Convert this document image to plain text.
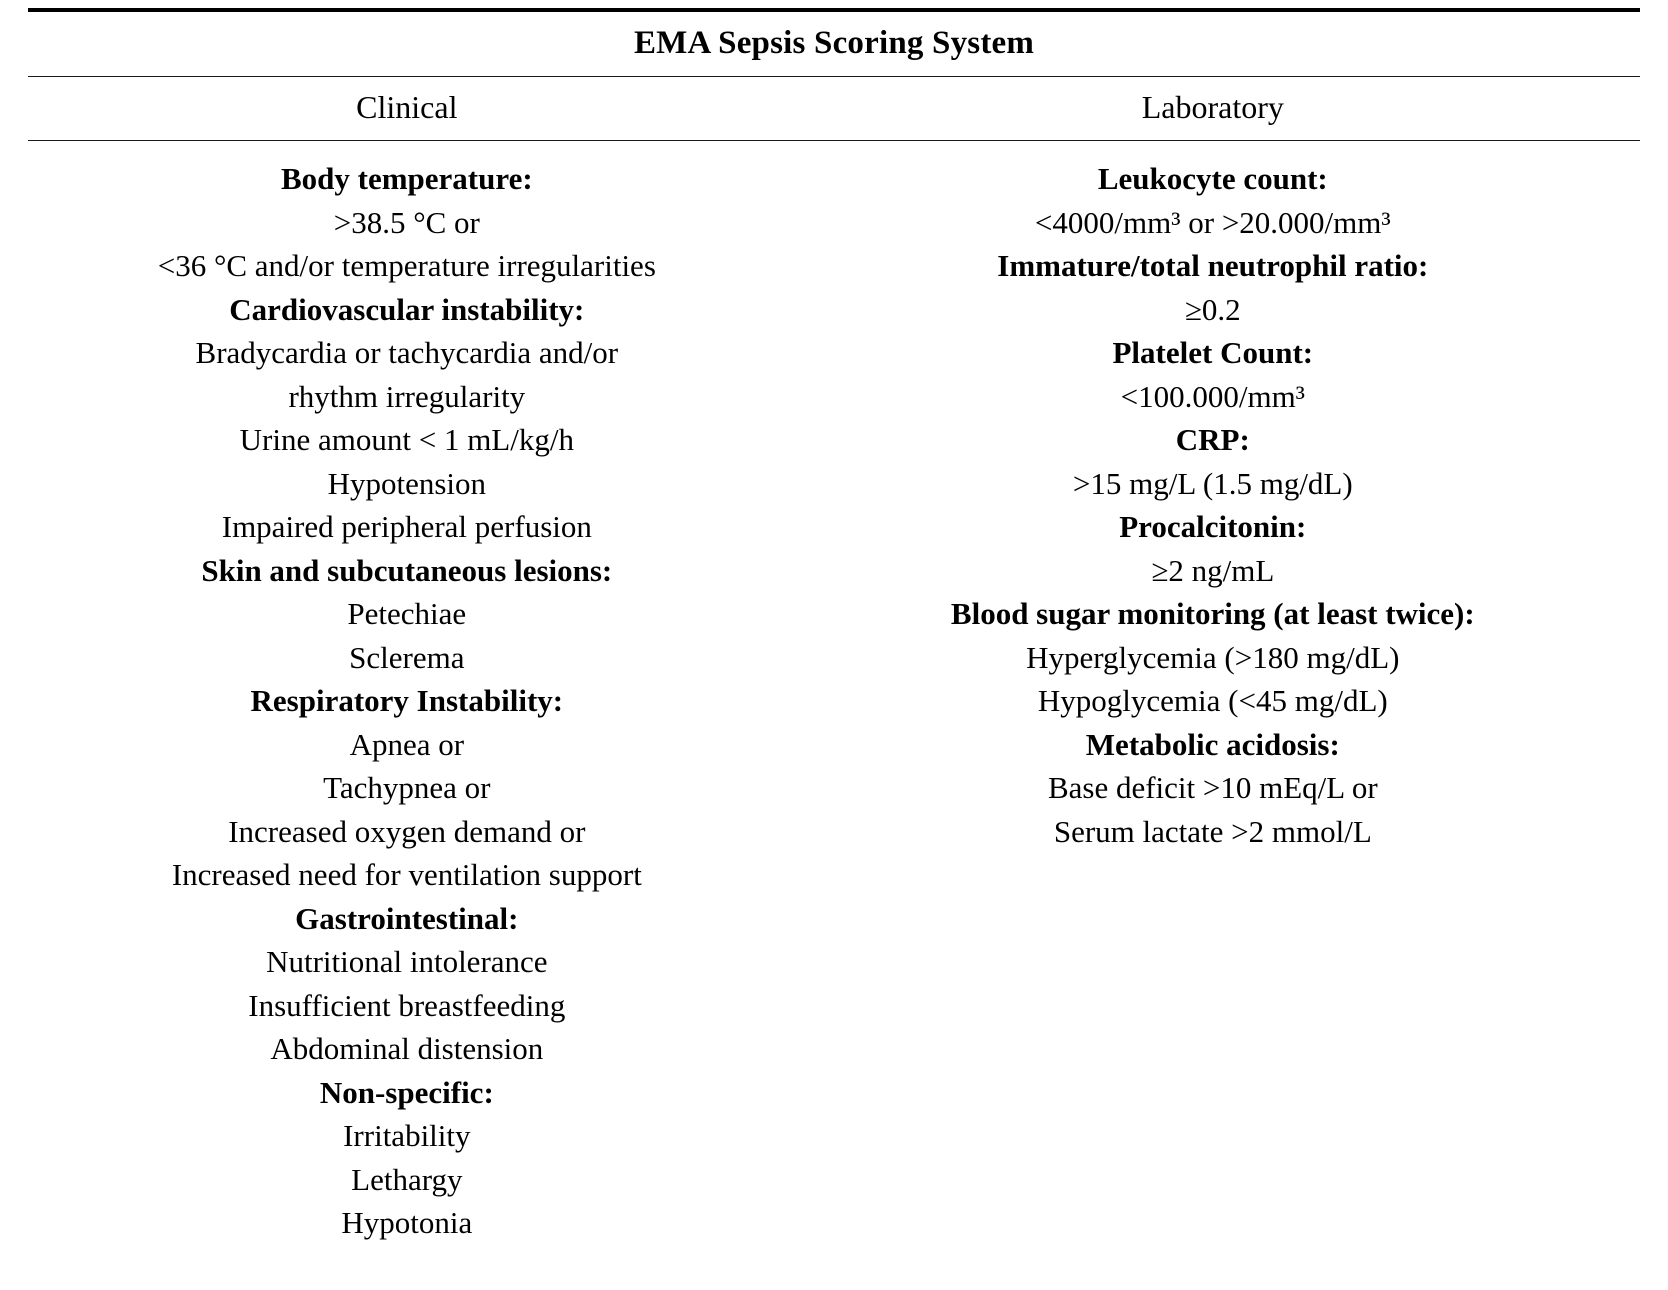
EMA Sepsis Scoring System
Clinical	Laboratory
Body temperature:
>38.5 °C or
<36 °C and/or temperature irregularities
Cardiovascular instability:
Bradycardia or tachycardia and/or
rhythm irregularity
Urine amount < 1 mL/kg/h
Hypotension
Impaired peripheral perfusion
Skin and subcutaneous lesions:
Petechiae
Sclerema
Respiratory Instability:
Apnea or
Tachypnea or
Increased oxygen demand or
Increased need for ventilation support
Gastrointestinal:
Nutritional intolerance
Insufficient breastfeeding
Abdominal distension
Non-specific:
Irritability
Lethargy
Hypotonia
Leukocyte count:
<4000/mm³ or >20.000/mm³
Immature/total neutrophil ratio:
≥0.2
Platelet Count:
<100.000/mm³
CRP:
>15 mg/L (1.5 mg/dL)
Procalcitonin:
≥2 ng/mL
Blood sugar monitoring (at least twice):
Hyperglycemia (>180 mg/dL)
Hypoglycemia (<45 mg/dL)
Metabolic acidosis:
Base deficit >10 mEq/L or
Serum lactate >2 mmol/L
